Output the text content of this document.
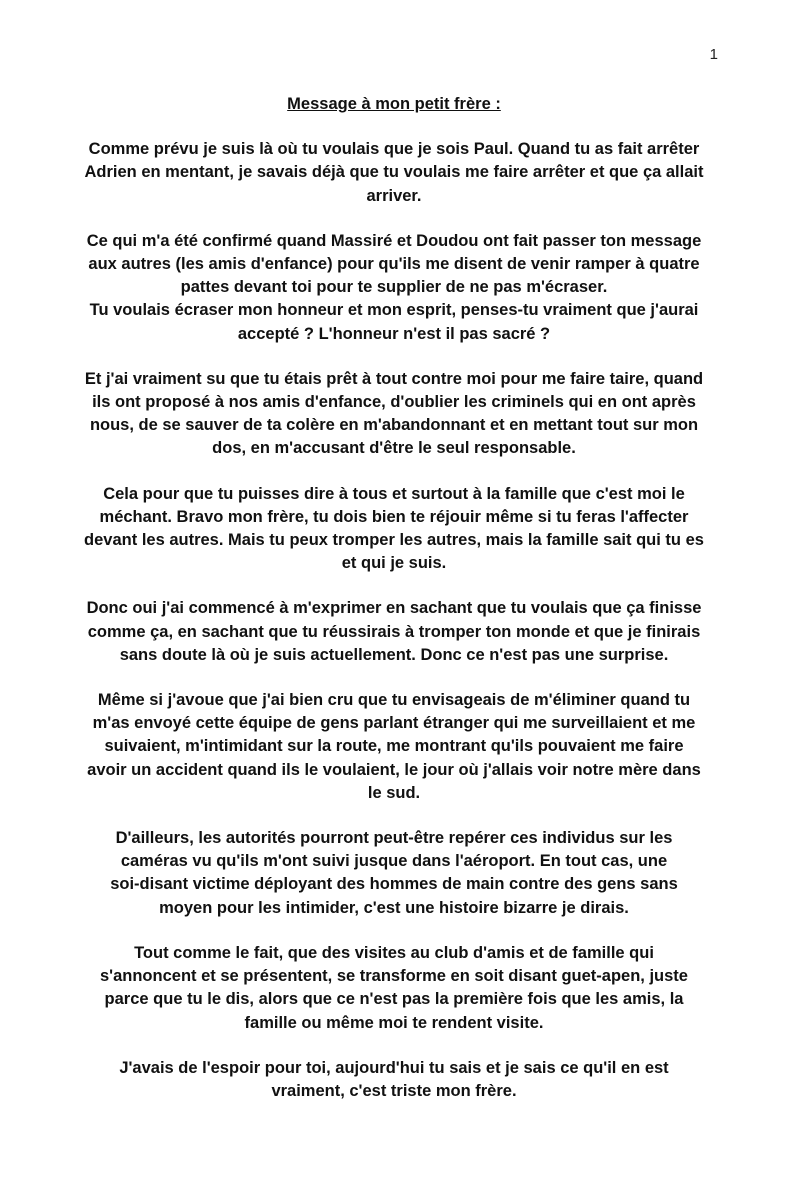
1
Message à mon petit frère :
Comme prévu je suis là où tu voulais que je sois Paul. Quand tu as fait arrêter
Adrien en mentant, je savais déjà que tu voulais me faire arrêter et que ça allait
arriver.
Ce qui m'a été confirmé quand Massiré et Doudou ont fait passer ton message
aux autres (les amis d'enfance) pour qu'ils me disent de venir ramper à quatre
pattes devant toi pour te supplier de ne pas m'écraser.
Tu voulais écraser mon honneur et mon esprit, penses-tu vraiment que j'aurai
accepté ? L'honneur n'est il pas sacré ?
Et j'ai vraiment su que tu étais prêt à tout contre moi pour me faire taire, quand
ils ont proposé à nos amis d'enfance, d'oublier les criminels qui en ont après
nous, de se sauver de ta colère en m'abandonnant et en mettant tout sur mon
dos, en m'accusant d'être le seul responsable.
Cela pour que tu puisses dire à tous et surtout à la famille que c'est moi le
méchant. Bravo mon frère, tu dois bien te réjouir même si tu feras l'affecter
devant les autres. Mais tu peux tromper les autres, mais la famille sait qui tu es
et qui je suis.
Donc oui j'ai commencé à m'exprimer en sachant que tu voulais que ça finisse
comme ça, en sachant que tu réussirais à tromper ton monde et que je finirais
sans doute là où je suis actuellement. Donc ce n'est pas une surprise.
Même si j'avoue que j'ai bien cru que tu envisageais de m'éliminer quand tu
m'as envoyé cette équipe de gens parlant étranger qui me surveillaient et me
suivaient, m'intimidant sur la route, me montrant qu'ils pouvaient me faire
avoir un accident quand ils le voulaient, le jour où j'allais voir notre mère dans
le sud.
D'ailleurs, les autorités pourront peut-être repérer ces individus sur les
caméras vu qu'ils m'ont suivi jusque dans l'aéroport. En tout cas, une
soi-disant victime déployant des hommes de main contre des gens sans
moyen pour les intimider, c'est une histoire bizarre je dirais.
Tout comme le fait, que des visites au club d'amis et de famille qui
s'annoncent et se présentent, se transforme en soit disant guet-apen, juste
parce que tu le dis, alors que ce n'est pas la première fois que les amis, la
famille ou même moi te rendent visite.
J'avais de l'espoir pour toi, aujourd'hui tu sais et je sais ce qu'il en est
vraiment, c'est triste mon frère.
